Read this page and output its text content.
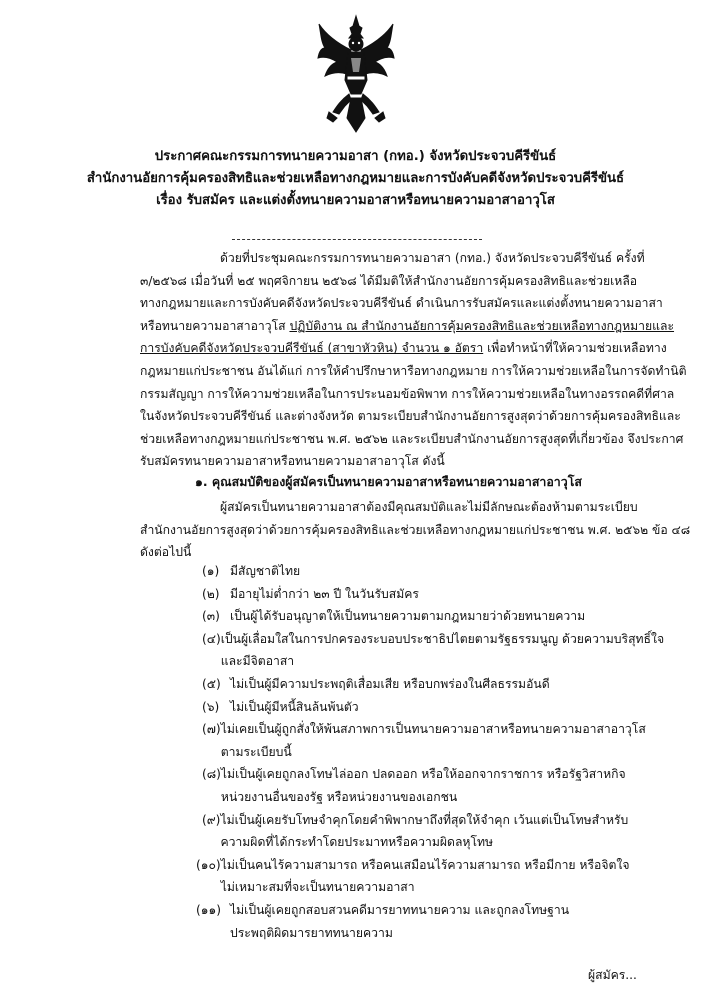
ประกาศคณะกรรมการทนายความอาสา (กทอ.) จังหวัดประจวบคีรีขันธ์
สำนักงานอัยการคุ้มครองสิทธิและช่วยเหลือทางกฎหมายและการบังคับคดีจังหวัดประจวบคีรีขันธ์
เรื่อง รับสมัคร และแต่งตั้งทนายความอาสาหรือทนายความอาสาอาวุโส
ด้วยที่ประชุมคณะกรรมการทนายความอาสา (กทอ.) จังหวัดประจวบคีรีขันธ์ ครั้งที่
๓/๒๕๖๘ เมื่อวันที่ ๒๕ พฤศจิกายน ๒๕๖๘ ได้มีมติให้สำนักงานอัยการคุ้มครองสิทธิและช่วยเหลือ
ทางกฎหมายและการบังคับคดีจังหวัดประจวบคีรีขันธ์ ดำเนินการรับสมัครและแต่งตั้งทนายความอาสา
หรือทนายความอาสาอาวุโส ปฏิบัติงาน ณ สำนักงานอัยการคุ้มครองสิทธิและช่วยเหลือทางกฎหมายและ
การบังคับคดีจังหวัดประจวบคีรีขันธ์ (สาขาหัวหิน) จำนวน ๑ อัตรา เพื่อทำหน้าที่ให้ความช่วยเหลือทาง
กฎหมายแก่ประชาชน อันได้แก่ การให้คำปรึกษาหารือทางกฎหมาย การให้ความช่วยเหลือในการจัดทำนิติ
กรรมสัญญา การให้ความช่วยเหลือในการประนอมข้อพิพาท การให้ความช่วยเหลือในทางอรรถคดีที่ศาล
ในจังหวัดประจวบคีรีขันธ์ และต่างจังหวัด ตามระเบียบสำนักงานอัยการสูงสุดว่าด้วยการคุ้มครองสิทธิและ
ช่วยเหลือทางกฎหมายแก่ประชาชน พ.ศ. ๒๕๖๒ และระเบียบสำนักงานอัยการสูงสุดที่เกี่ยวข้อง จึงประกาศ
รับสมัครทนายความอาสาหรือทนายความอาสาอาวุโส ดังนี้
๑. คุณสมบัติของผู้สมัครเป็นทนายความอาสาหรือทนายความอาสาอาวุโส
ผู้สมัครเป็นทนายความอาสาต้องมีคุณสมบัติและไม่มีลักษณะต้องห้ามตามระเบียบ
สำนักงานอัยการสูงสุดว่าด้วยการคุ้มครองสิทธิและช่วยเหลือทางกฎหมายแก่ประชาชน พ.ศ. ๒๕๖๒ ข้อ ๔๘
ดังต่อไปนี้
(๑) มีสัญชาติไทย
(๒) มีอายุไม่ต่ำกว่า ๒๓ ปี ในวันรับสมัคร
(๓) เป็นผู้ได้รับอนุญาตให้เป็นทนายความตามกฎหมายว่าด้วยทนายความ
(๔) เป็นผู้เลื่อมใสในการปกครองระบอบประชาธิปไตยตามรัฐธรรมนูญ ด้วยความบริสุทธิ์ใจ
และมีจิตอาสา
(๕) ไม่เป็นผู้มีความประพฤติเสื่อมเสีย หรือบกพร่องในศีลธรรมอันดี
(๖) ไม่เป็นผู้มีหนี้สินล้นพ้นตัว
(๗) ไม่เคยเป็นผู้ถูกสั่งให้พ้นสภาพการเป็นทนายความอาสาหรือทนายความอาสาอาวุโส
ตามระเบียบนี้
(๘) ไม่เป็นผู้เคยถูกลงโทษไล่ออก ปลดออก หรือให้ออกจากราชการ หรือรัฐวิสาหกิจ
หน่วยงานอื่นของรัฐ หรือหน่วยงานของเอกชน
(๙) ไม่เป็นผู้เคยรับโทษจำคุกโดยคำพิพากษาถึงที่สุดให้จำคุก เว้นแต่เป็นโทษสำหรับ
ความผิดที่ได้กระทำโดยประมาทหรือความผิดลหุโทษ
(๑๐) ไม่เป็นคนไร้ความสามารถ หรือคนเสมือนไร้ความสามารถ หรือมีกาย หรือจิตใจ
ไม่เหมาะสมที่จะเป็นทนายความอาสา
(๑๑) ไม่เป็นผู้เคยถูกสอบสวนคดีมารยาททนายความ และถูกลงโทษฐาน
ประพฤติผิดมารยาททนายความ
ผู้สมัคร...
